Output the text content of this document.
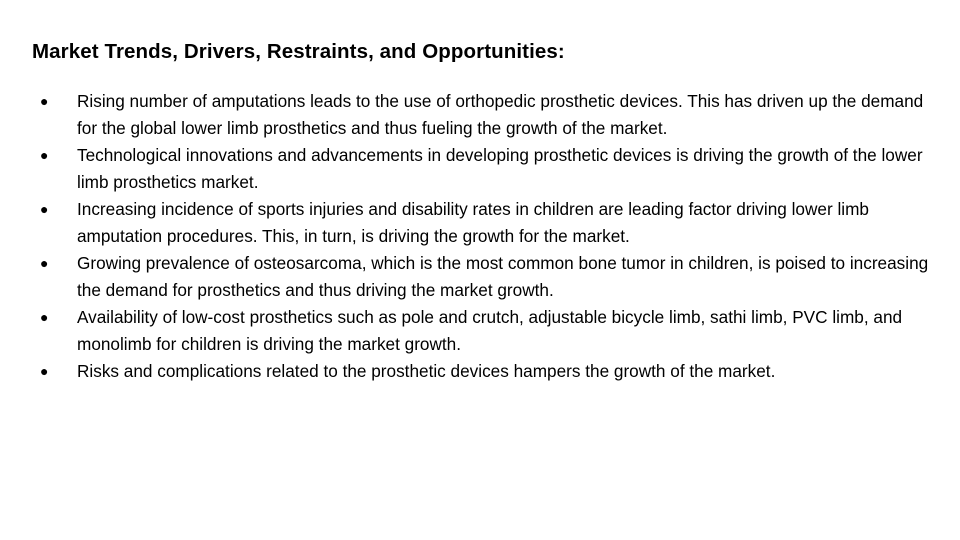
Market Trends, Drivers, Restraints, and Opportunities:
●	Rising number of amputations leads to the use of orthopedic prosthetic devices. This has driven up the demand for the global lower limb prosthetics and thus fueling the growth of the market.
●	Technological innovations and advancements in developing prosthetic devices is driving the growth of the lower limb prosthetics market.
●	Increasing incidence of sports injuries and disability rates in children are leading factor driving lower limb amputation procedures. This, in turn, is driving the growth for the market.
●	Growing prevalence of osteosarcoma, which is the most common bone tumor in children, is poised to increasing the demand for prosthetics and thus driving the market growth.
●	Availability of low-cost prosthetics such as pole and crutch, adjustable bicycle limb, sathi limb, PVC limb, and monolimb for children is driving the market growth.
●	Risks and complications related to the prosthetic devices hampers the growth of the market.
